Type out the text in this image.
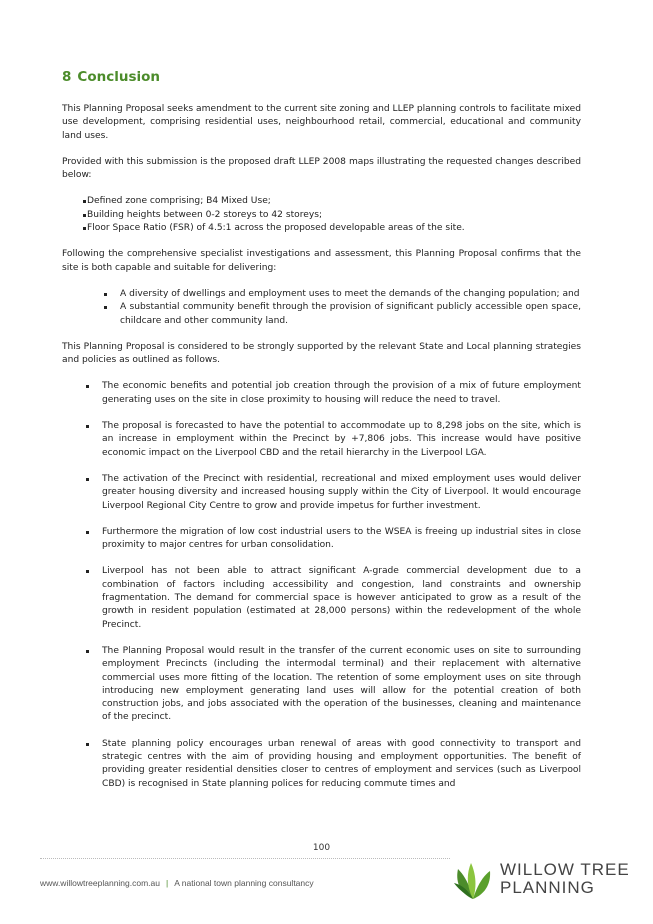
8 Conclusion

This Planning Proposal seeks amendment to the current site zoning and LLEP planning controls to facilitate mixed use development, comprising residential uses, neighbourhood retail, commercial, educational and community land uses.

Provided with this submission is the proposed draft LLEP 2008 maps illustrating the requested changes described below:

Defined zone comprising; B4 Mixed Use;
Building heights between 0-2 storeys to 42 storeys;
Floor Space Ratio (FSR) of 4.5:1 across the proposed developable areas of the site.

Following the comprehensive specialist investigations and assessment, this Planning Proposal confirms that the site is both capable and suitable for delivering:

A diversity of dwellings and employment uses to meet the demands of the changing population; and
A substantial community benefit through the provision of significant publicly accessible open space, childcare and other community land.

This Planning Proposal is considered to be strongly supported by the relevant State and Local planning strategies and policies as outlined as follows.

The economic benefits and potential job creation through the provision of a mix of future employment generating uses on the site in close proximity to housing will reduce the need to travel.
The proposal is forecasted to have the potential to accommodate up to 8,298 jobs on the site, which is an increase in employment within the Precinct by +7,806 jobs. This increase would have positive economic impact on the Liverpool CBD and the retail hierarchy in the Liverpool LGA.
The activation of the Precinct with residential, recreational and mixed employment uses would deliver greater housing diversity and increased housing supply within the City of Liverpool. It would encourage Liverpool Regional City Centre to grow and provide impetus for further investment.
Furthermore the migration of low cost industrial users to the WSEA is freeing up industrial sites in close proximity to major centres for urban consolidation.
Liverpool has not been able to attract significant A-grade commercial development due to a combination of factors including accessibility and congestion, land constraints and ownership fragmentation. The demand for commercial space is however anticipated to grow as a result of the growth in resident population (estimated at 28,000 persons) within the redevelopment of the whole Precinct.
The Planning Proposal would result in the transfer of the current economic uses on site to surrounding employment Precincts (including the intermodal terminal) and their replacement with alternative commercial uses more fitting of the location. The retention of some employment uses on site through introducing new employment generating land uses will allow for the potential creation of both construction jobs, and jobs associated with the operation of the businesses, cleaning and maintenance of the precinct.
State planning policy encourages urban renewal of areas with good connectivity to transport and strategic centres with the aim of providing housing and employment opportunities. The benefit of providing greater residential densities closer to centres of employment and services (such as Liverpool CBD) is recognised in State planning polices for reducing commute times and
100
www.willowtreeplanning.com.au | A national town planning consultancy
WILLOW TREE
PLANNING
